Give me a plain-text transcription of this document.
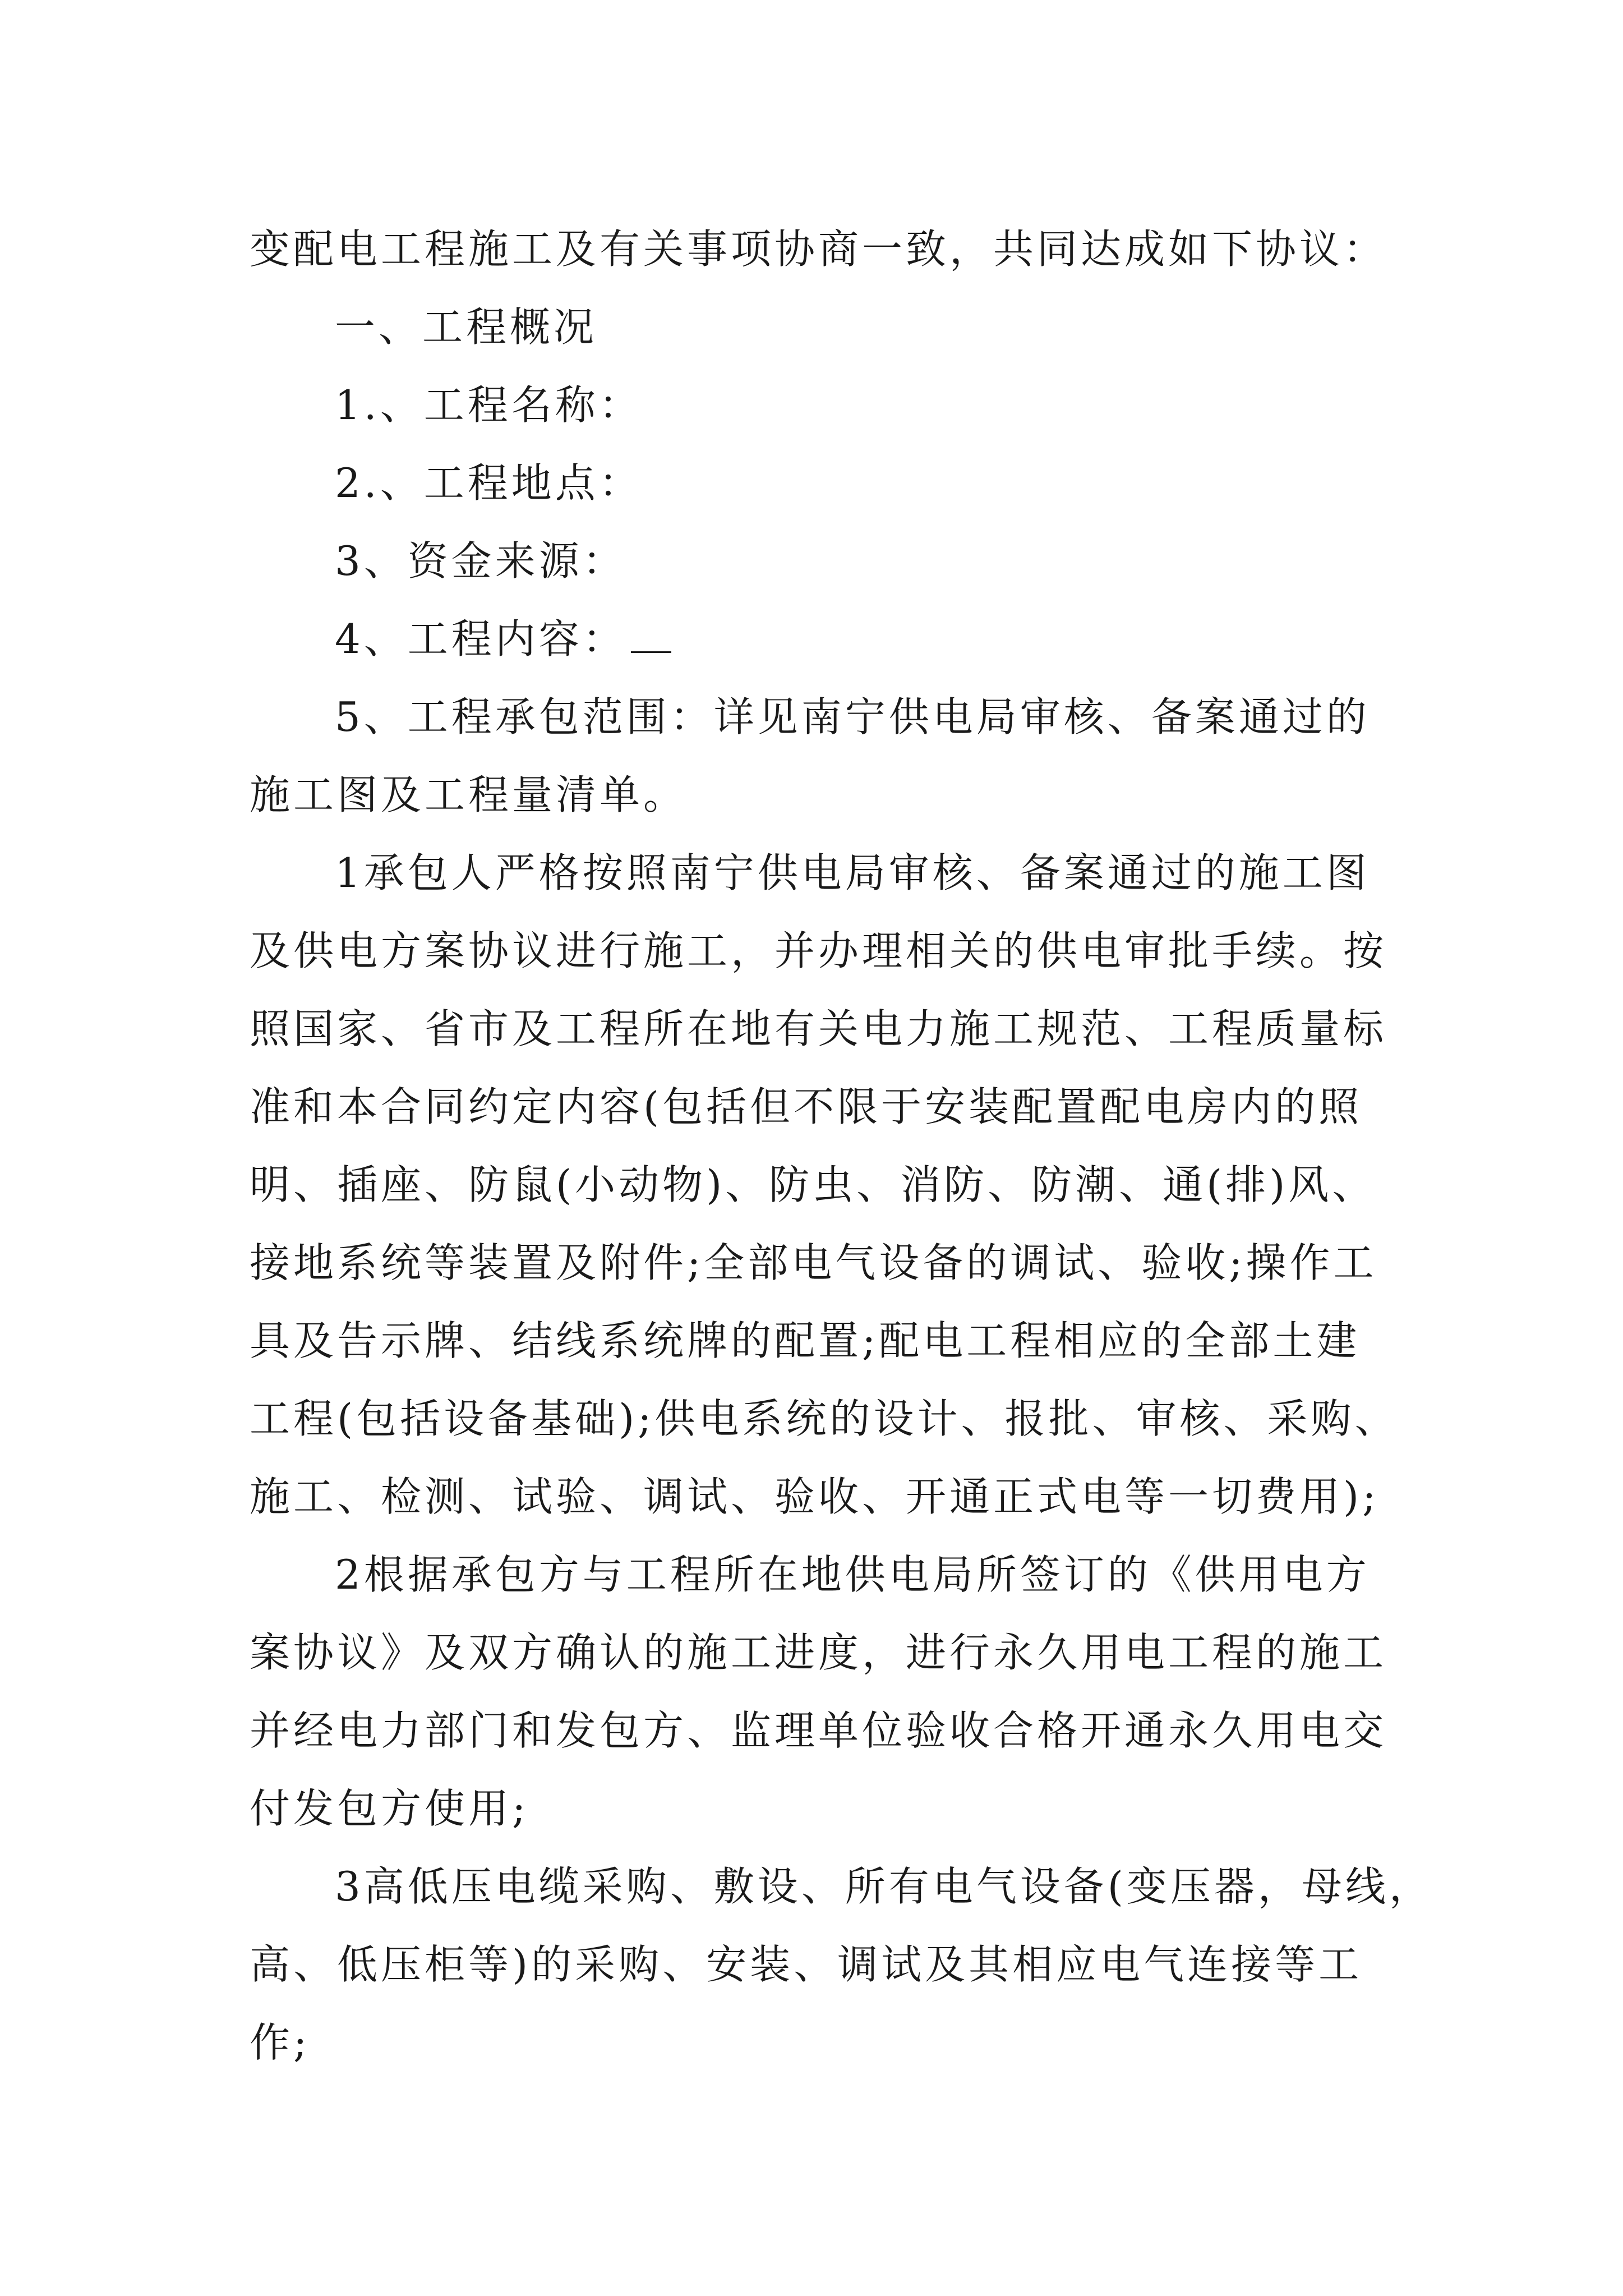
变配电工程施工及有关事项协商一致，共同达成如下协议：
一、工程概况
1.、工程名称：
2.、工程地点：
3、资金来源：
4、工程内容：
5、工程承包范围：详见南宁供电局审核、备案通过的
施工图及工程量清单。
1承包人严格按照南宁供电局审核、备案通过的施工图
及供电方案协议进行施工，并办理相关的供电审批手续。按
照国家、省市及工程所在地有关电力施工规范、工程质量标
准和本合同约定内容(包括但不限于安装配置配电房内的照
明、插座、防鼠(小动物)、防虫、消防、防潮、通(排)风、
接地系统等装置及附件;全部电气设备的调试、验收;操作工
具及告示牌、结线系统牌的配置;配电工程相应的全部土建
工程(包括设备基础);供电系统的设计、报批、审核、采购、
施工、检测、试验、调试、验收、开通正式电等一切费用);
2根据承包方与工程所在地供电局所签订的《供用电方
案协议》及双方确认的施工进度，进行永久用电工程的施工
并经电力部门和发包方、监理单位验收合格开通永久用电交
付发包方使用;
3高低压电缆采购、敷设、所有电气设备(变压器，母线，
高、低压柜等)的采购、安装、调试及其相应电气连接等工
作;
